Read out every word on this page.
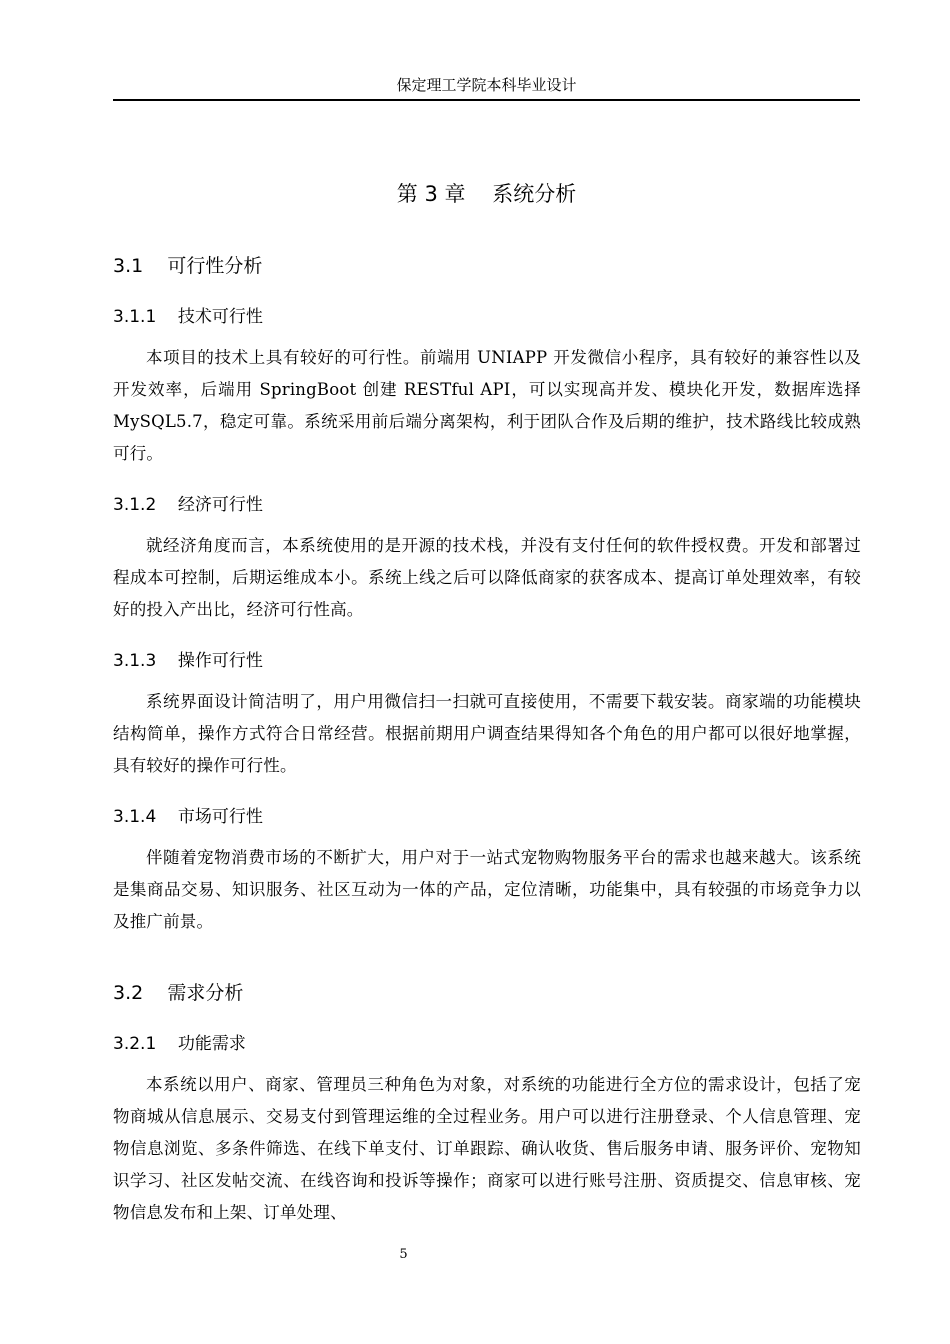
保定理工学院本科毕业设计
第 3 章    系统分析
3.1    可行性分析
3.1.1    技术可行性

本项目的技术上具有较好的可行性。前端用 UNIAPP 开发微信小程序，具有较好的兼容性以及开发效率，后端用 SpringBoot 创建 RESTful API，可以实现高并发、模块化开发，数据库选择 MySQL5.7，稳定可靠。系统采用前后端分离架构，利于团队合作及后期的维护，技术路线比较成熟可行。

3.1.2    经济可行性

就经济角度而言，本系统使用的是开源的技术栈，并没有支付任何的软件授权费。开发和部署过程成本可控制，后期运维成本小。系统上线之后可以降低商家的获客成本、提高订单处理效率，有较好的投入产出比，经济可行性高。

3.1.3    操作可行性

系统界面设计简洁明了，用户用微信扫一扫就可直接使用，不需要下载安装。商家端的功能模块结构简单，操作方式符合日常经营。根据前期用户调查结果得知各个角色的用户都可以很好地掌握，具有较好的操作可行性。

3.1.4    市场可行性

伴随着宠物消费市场的不断扩大，用户对于一站式宠物购物服务平台的需求也越来越大。该系统是集商品交易、知识服务、社区互动为一体的产品，定位清晰，功能集中，具有较强的市场竞争力以及推广前景。

3.2    需求分析
3.2.1    功能需求

本系统以用户、商家、管理员三种角色为对象，对系统的功能进行全方位的需求设计，包括了宠物商城从信息展示、交易支付到管理运维的全过程业务。用户可以进行注册登录、个人信息管理、宠物信息浏览、多条件筛选、在线下单支付、订单跟踪、确认收货、售后服务申请、服务评价、宠物知识学习、社区发帖交流、在线咨询和投诉等操作；商家可以进行账号注册、资质提交、信息审核、宠物信息发布和上架、订单处理、

5
